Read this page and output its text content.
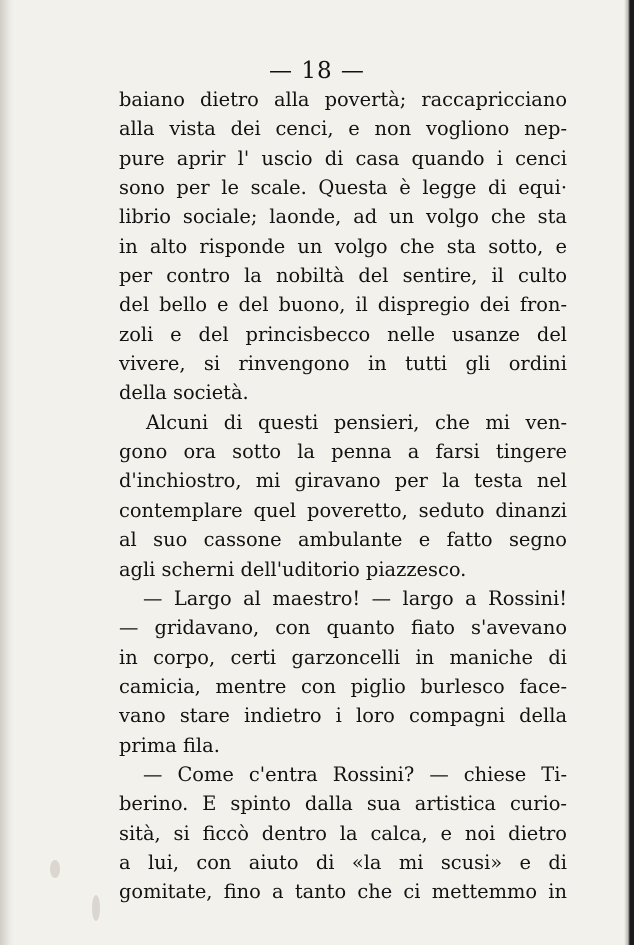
— 18 —
baiano dietro alla povertà; raccapricciano
alla vista dei cenci, e non vogliono nep-
pure aprir l' uscio di casa quando i cenci
sono per le scale. Questa è legge di equi·
librio sociale; laonde, ad un volgo che sta
in alto risponde un volgo che sta sotto, e
per contro la nobiltà del sentire, il culto
del bello e del buono, il dispregio dei fron-
zoli e del princisbecco nelle usanze del
vivere, si rinvengono in tutti gli ordini
della società.
Alcuni di questi pensieri, che mi ven-
gono ora sotto la penna a farsi tingere
d'inchiostro, mi giravano per la testa nel
contemplare quel poveretto, seduto dinanzi
al suo cassone ambulante e fatto segno
agli scherni dell'uditorio piazzesco.
— Largo al maestro! — largo a Rossini!
— gridavano, con quanto fiato s'avevano
in corpo, certi garzoncelli in maniche di
camicia, mentre con piglio burlesco face-
vano stare indietro i loro compagni della
prima fila.
— Come c'entra Rossini? — chiese Ti-
berino. E spinto dalla sua artistica curio-
sità, si ficcò dentro la calca, e noi dietro
a lui, con aiuto di «la mi scusi» e di
gomitate, fino a tanto che ci mettemmo in
